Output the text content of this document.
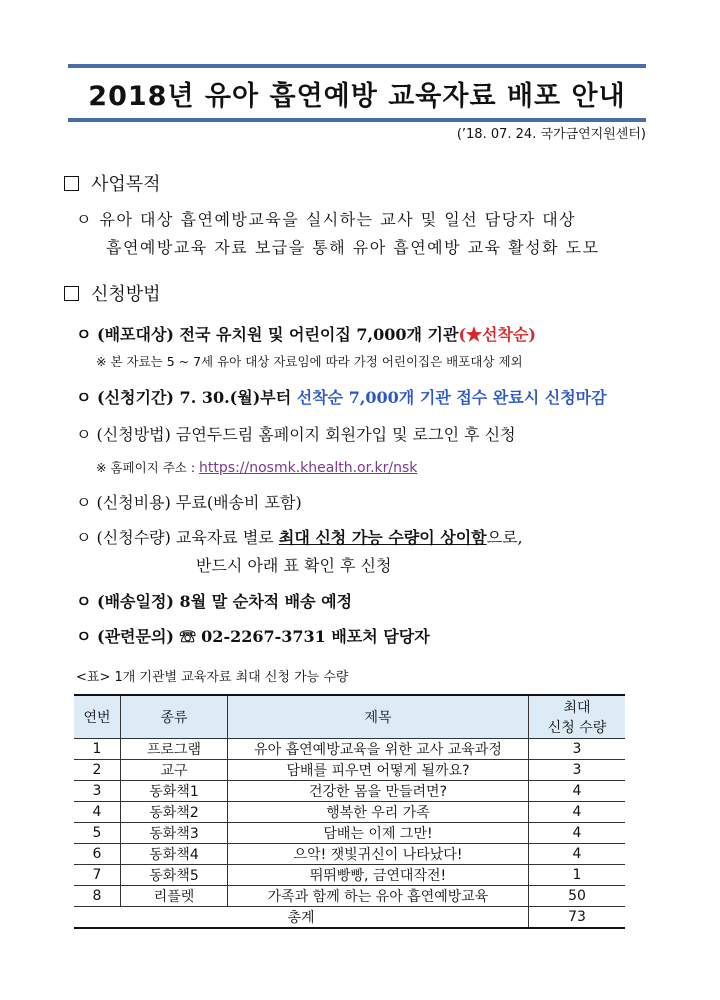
2018년 유아 흡연예방 교육자료 배포 안내
(’18. 07. 24. 국가금연지원센터)
사업목적
ㅇ 유아 대상 흡연예방교육을 실시하는 교사 및 일선 담당자 대상
흡연예방교육 자료 보급을 통해 유아 흡연예방 교육 활성화 도모
신청방법
ㅇ (배포대상) 전국 유치원 및 어린이집 7,000개 기관(★선착순)
※ 본 자료는 5 ~ 7세 유아 대상 자료임에 따라 가정 어린이집은 배포대상 제외
ㅇ (신청기간) 7. 30.(월)부터 선착순 7,000개 기관 접수 완료시 신청마감
ㅇ (신청방법) 금연두드림 홈페이지 회원가입 및 로그인 후 신청
※ 홈페이지 주소 : https://nosmk.khealth.or.kr/nsk
ㅇ (신청비용) 무료(배송비 포함)
ㅇ (신청수량) 교육자료 별로 최대 신청 가능 수량이 상이함으로,
반드시 아래 표 확인 후 신청
ㅇ (배송일정) 8월 말 순차적 배송 예정
ㅇ (관련문의) ☏ 02-2267-3731 배포처 담당자
<표> 1개 기관별 교육자료 최대 신청 가능 수량
연번	종류	제목	최대
신청 수량

1	프로그램	유아 흡연예방교육을 위한 교사 교육과정	3
2	교구	담배를 피우면 어떻게 될까요?	3
3	동화책1	건강한 몸을 만들려면?	4
4	동화책2	행복한 우리 가족	4
5	동화책3	담배는 이제 그만!	4
6	동화책4	으악! 잿빛귀신이 나타났다!	4
7	동화책5	뛰뛰빵빵, 금연대작전!	1
8	리플렛	가족과 함께 하는 유아 흡연예방교육	50
총계			73
